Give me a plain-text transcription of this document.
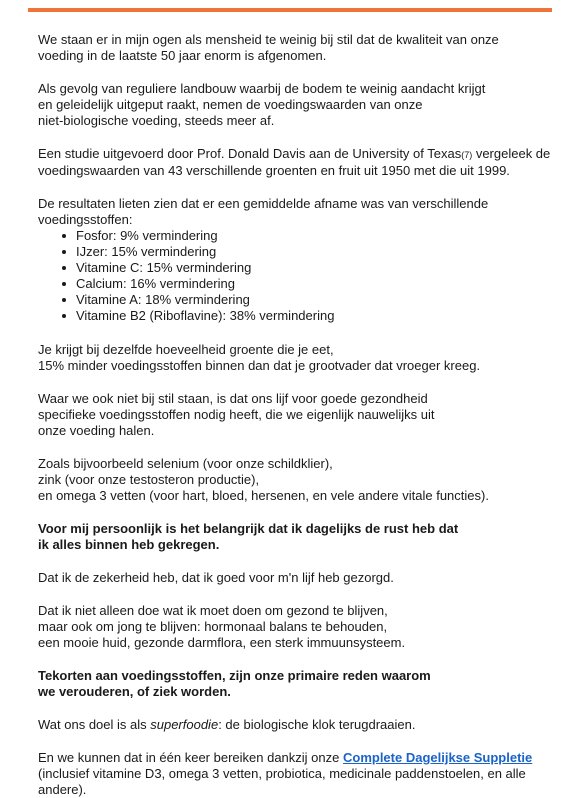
We staan er in mijn ogen als mensheid te weinig bij stil dat de kwaliteit van onze
voeding in de laatste 50 jaar enorm is afgenomen.

Als gevolg van reguliere landbouw waarbij de bodem te weinig aandacht krijgt
en geleidelijk uitgeput raakt, nemen de voedingswaarden van onze
niet-biologische voeding, steeds meer af.

Een studie uitgevoerd door Prof. Donald Davis aan de University of Texas(7) vergeleek de
voedingswaarden van 43 verschillende groenten en fruit uit 1950 met die uit 1999.

De resultaten lieten zien dat er een gemiddelde afname was van verschillende
voedingsstoffen:

Fosfor: 9% vermindering
IJzer: 15% vermindering
Vitamine C: 15% vermindering
Calcium: 16% vermindering
Vitamine A: 18% vermindering
Vitamine B2 (Riboflavine): 38% vermindering

Je krijgt bij dezelfde hoeveelheid groente die je eet,
15% minder voedingsstoffen binnen dan dat je grootvader dat vroeger kreeg.

Waar we ook niet bij stil staan, is dat ons lijf voor goede gezondheid
specifieke voedingsstoffen nodig heeft, die we eigenlijk nauwelijks uit
onze voeding halen.

Zoals bijvoorbeeld selenium (voor onze schildklier),
zink (voor onze testosteron productie),
en omega 3 vetten (voor hart, bloed, hersenen, en vele andere vitale functies).

Voor mij persoonlijk is het belangrijk dat ik dagelijks de rust heb dat
ik alles binnen heb gekregen.

Dat ik de zekerheid heb, dat ik goed voor m'n lijf heb gezorgd.

Dat ik niet alleen doe wat ik moet doen om gezond te blijven,
maar ook om jong te blijven: hormonaal balans te behouden,
een mooie huid, gezonde darmflora, een sterk immuunsysteem.

Tekorten aan voedingsstoffen, zijn onze primaire reden waarom
we verouderen, of ziek worden.

Wat ons doel is als superfoodie: de biologische klok terugdraaien.

En we kunnen dat in één keer bereiken dankzij onze Complete Dagelijkse Suppletie
(inclusief vitamine D3, omega 3 vetten, probiotica, medicinale paddenstoelen, en alle
andere).
